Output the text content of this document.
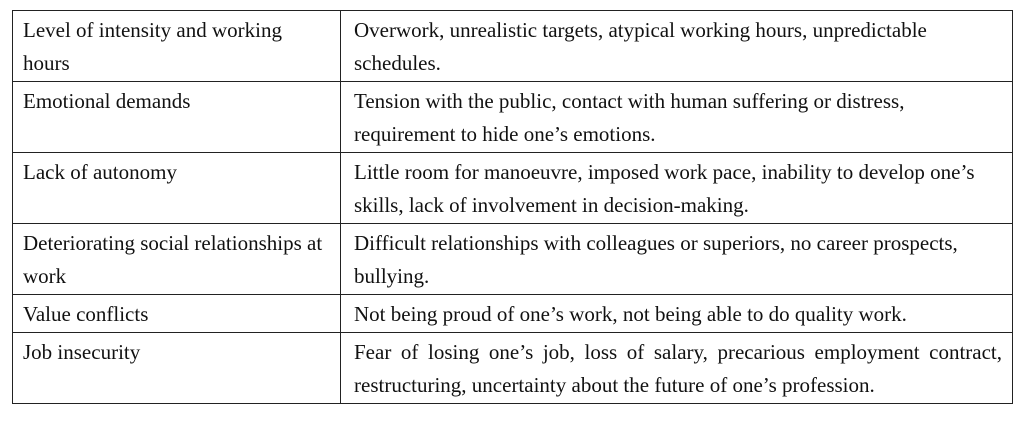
Level of intensity and working hours	Overwork, unrealistic targets, atypical working hours, unpredictable schedules.
Emotional demands	Tension with the public, contact with human suffering or distress, requirement to hide one’s emotions.
Lack of autonomy	Little room for manoeuvre, imposed work pace, inability to develop one’s skills, lack of involvement in decision-making.
Deteriorating social relationships at work	Difficult relationships with colleagues or superiors, no career prospects, bullying.
Value conflicts	Not being proud of one’s work, not being able to do quality work.
Job insecurity	Fear of losing one’s job, loss of salary, precarious employment contract, restructuring, uncertainty about the future of one’s profession.
